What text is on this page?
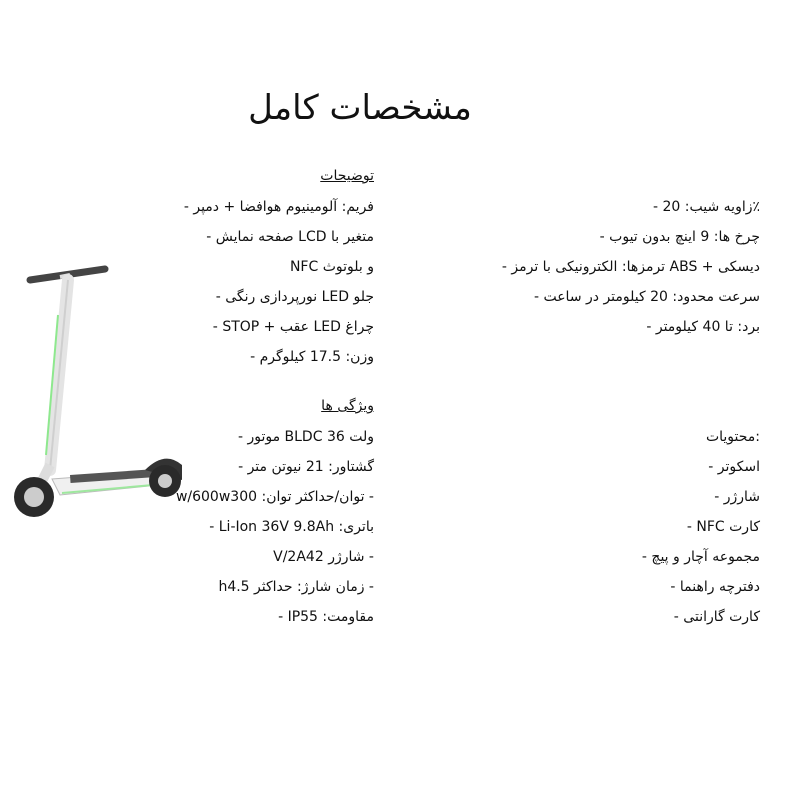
مشخصات کامل
توضیحات
فریم: آلومینیوم هوافضا + دمپر -
متغیر با LCD صفحه نمایش -
و بلوتوث NFC
جلو LED نورپردازی رنگی -
چراغ LED عقب + STOP -
وزن: 17.5 کیلوگرم -
٪زاویه شیب: 20 -
چرخ ها: 9 اینچ بدون تیوب -
دیسکی + ABS ترمزها: الکترونیکی با ترمز -
سرعت محدود: 20 کیلومتر در ساعت -
برد: تا 40 کیلومتر -
ویژگی ها
ولت BLDC 36 موتور -
گشتاور: 21 نیوتن متر -
w/600wتوان/حداکثر توان: 300 -
باتری: Li-Ion 36V 9.8Ah -
V/2Aشارژر 42 -
hزمان شارژ: حداکثر 4.5 -
مقاومت: IP55 -
:محتویات
اسکوتر -
شارژر -
کارت NFC -
مجموعه آچار و پیچ -
دفترچه راهنما -
کارت گارانتی -
